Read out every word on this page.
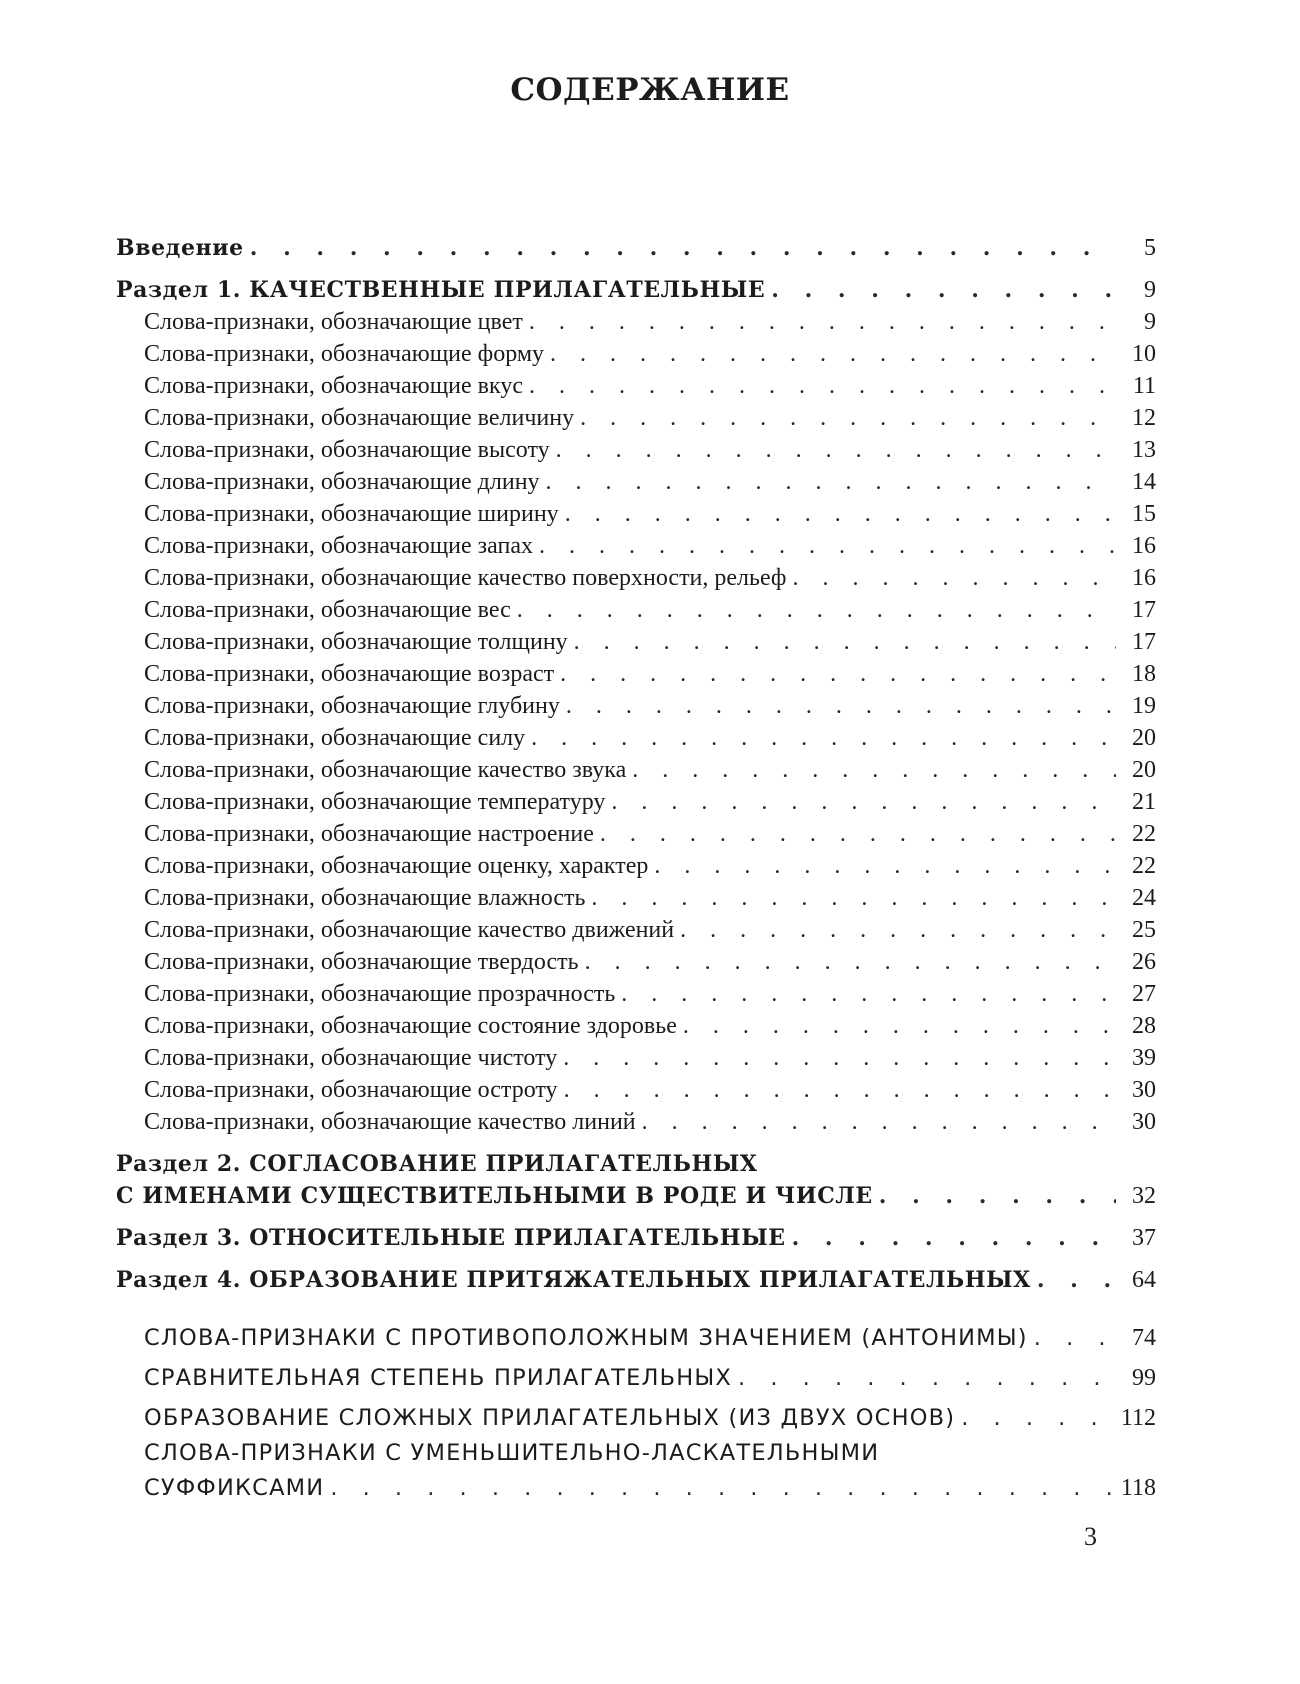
СОДЕРЖАНИЕ
Введение . . .	5
Раздел 1. КАЧЕСТВЕННЫЕ ПРИЛАГАТЕЛЬНЫЕ . . .	9
Слова-признаки, обозначающие цвет . . .	9
Слова-признаки, обозначающие форму . . .	10
Слова-признаки, обозначающие вкус . . .	11
Слова-признаки, обозначающие величину . . .	12
Слова-признаки, обозначающие высоту . . .	13
Слова-признаки, обозначающие длину . . .	14
Слова-признаки, обозначающие ширину . . .	15
Слова-признаки, обозначающие запах . . .	16
Слова-признаки, обозначающие качество поверхности, рельеф . . .	16
Слова-признаки, обозначающие вес . . .	17
Слова-признаки, обозначающие толщину . . .	17
Слова-признаки, обозначающие возраст . . .	18
Слова-признаки, обозначающие глубину . . .	19
Слова-признаки, обозначающие силу . . .	20
Слова-признаки, обозначающие качество звука . . .	20
Слова-признаки, обозначающие температуру . . .	21
Слова-признаки, обозначающие настроение . . .	22
Слова-признаки, обозначающие оценку, характер . . .	22
Слова-признаки, обозначающие влажность . . .	24
Слова-признаки, обозначающие качество движений . . .	25
Слова-признаки, обозначающие твердость . . .	26
Слова-признаки, обозначающие прозрачность . . .	27
Слова-признаки, обозначающие состояние здоровье . . .	28
Слова-признаки, обозначающие чистоту . . .	39
Слова-признаки, обозначающие остроту . . .	30
Слова-признаки, обозначающие качество линий . . .	30
Раздел 2. СОГЛАСОВАНИЕ ПРИЛАГАТЕЛЬНЫХ
С ИМЕНАМИ СУЩЕСТВИТЕЛЬНЫМИ В РОДЕ И ЧИСЛЕ . . .	32
Раздел 3. ОТНОСИТЕЛЬНЫЕ ПРИЛАГАТЕЛЬНЫЕ . . .	37
Раздел 4. ОБРАЗОВАНИЕ ПРИТЯЖАТЕЛЬНЫХ ПРИЛАГАТЕЛЬНЫХ . . .	64
СЛОВА-ПРИЗНАКИ С ПРОТИВОПОЛОЖНЫМ ЗНАЧЕНИЕМ (АНТОНИМЫ) . . .	74
СРАВНИТЕЛЬНАЯ СТЕПЕНЬ ПРИЛАГАТЕЛЬНЫХ . . .	99
ОБРАЗОВАНИЕ СЛОЖНЫХ ПРИЛАГАТЕЛЬНЫХ (ИЗ ДВУХ ОСНОВ) . . .	112
СЛОВА-ПРИЗНАКИ С УМЕНЬШИТЕЛЬНО-ЛАСКАТЕЛЬНЫМИ
СУФФИКСАМИ . . .	118
3
